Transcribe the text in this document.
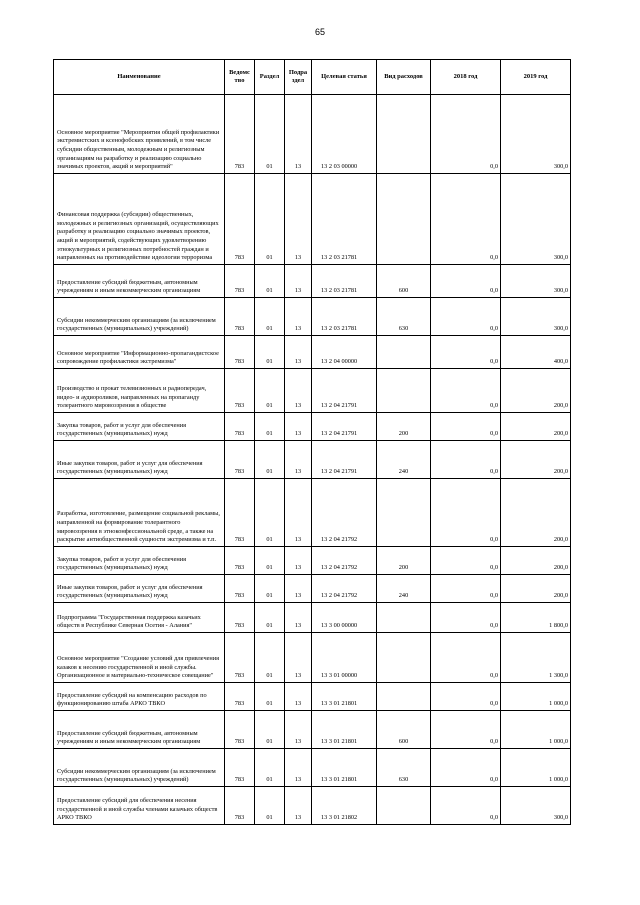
65
Наименование	Ведомс тво	Раздел	Подра здел	Целевая статья	Вид расходов	2018 год	2019 год
Основное мероприятие "Мероприятия общей профилактики экстремистских и ксенофобских проявлений, в том числе субсидии общественным, молодежным и религиозным организациям на разработку и реализацию социально значимых проектов, акций и мероприятий"	783	01	13	13 2 03 00000		0,0	300,0
Финансовая поддержка (субсидии) общественных, молодежных и религиозных организаций, осуществляющих разработку и реализацию социально значимых проектов, акций и мероприятий, содействующих удовлетворению этнокультурных и религиозных потребностей граждан и направленных на противодействие идеологии терроризма	783	01	13	13 2 03 21781		0,0	300,0
Предоставление субсидий бюджетным, автономным учреждениям и иным некоммерческим организациям	783	01	13	13 2 03 21781	600	0,0	300,0
Субсидии некоммерческим организациям (за исключением государственных (муниципальных) учреждений)	783	01	13	13 2 03 21781	630	0,0	300,0
Основное мероприятие "Информационно-пропагандистское сопровождение профилактики экстремизма"	783	01	13	13 2 04 00000		0,0	400,0
Производство и прокат телевизионных и радиопередач, видео- и аудиороликов, направленных на пропаганду толерантного мировоззрения в обществе	783	01	13	13 2 04 21791		0,0	200,0
Закупка товаров, работ и услуг для обеспечения государственных (муниципальных) нужд	783	01	13	13 2 04 21791	200	0,0	200,0
Иные закупки товаров, работ и услуг для обеспечения государственных (муниципальных) нужд	783	01	13	13 2 04 21791	240	0,0	200,0
Разработка, изготовление, размещение социальной рекламы, направленной на формирование толерантного мировоззрения в этноконфессиональной среде, а также на раскрытие антиобщественной сущности экстремизма и т.п.	783	01	13	13 2 04 21792		0,0	200,0
Закупка товаров, работ и услуг для обеспечения государственных (муниципальных) нужд	783	01	13	13 2 04 21792	200	0,0	200,0
Иные закупки товаров, работ и услуг для обеспечения государственных (муниципальных) нужд	783	01	13	13 2 04 21792	240	0,0	200,0
Подпрограмма "Государственная поддержка казачьих обществ в Республике Северная Осетия - Алания"	783	01	13	13 3 00 00000		0,0	1 800,0
Основное мероприятие "Создание условий для привлечения казаков к несению государственной и иной службы. Организационное и материально-техническое совещание"	783	01	13	13 3 01 00000		0,0	1 300,0
Предоставление субсидий на компенсацию расходов по функционированию штаба АРКО ТВКО	783	01	13	13 3 01 21801		0,0	1 000,0
Предоставление субсидий бюджетным, автономным учреждениям и иным некоммерческим организациям	783	01	13	13 3 01 21801	600	0,0	1 000,0
Субсидии некоммерческим организациям (за исключением государственных (муниципальных) учреждений)	783	01	13	13 3 01 21801	630	0,0	1 000,0
Предоставление субсидий для обеспечения несения государственной и иной службы членами казачьих обществ АРКО ТВКО	783	01	13	13 3 01 21802		0,0	300,0
